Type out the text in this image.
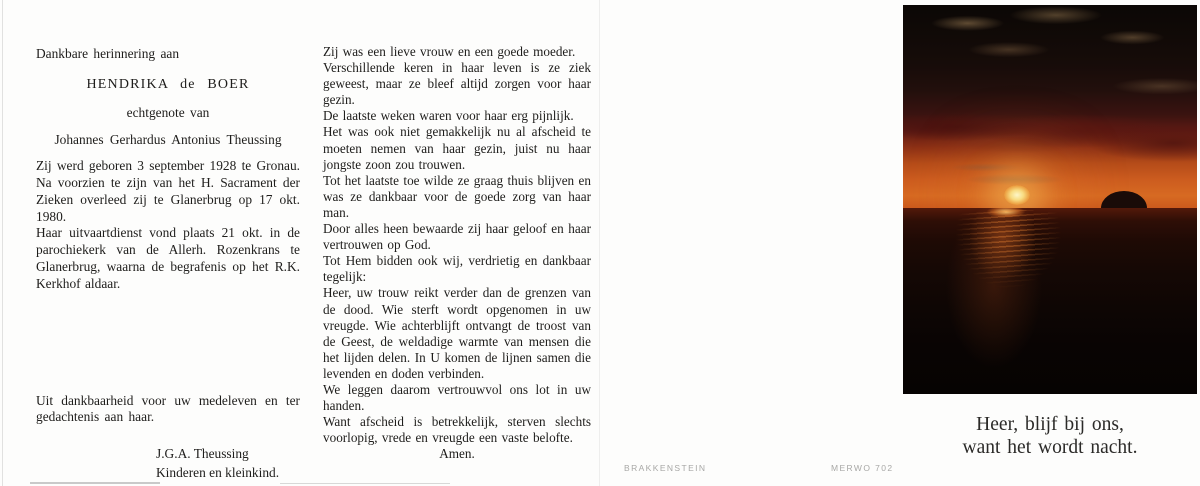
Dankbare herinnering aan

HENDRIKA de BOER

echtgenote van

Johannes Gerhardus Antonius Theussing

Zij werd geboren 3 september 1928 te Gronau. Na voorzien te zijn van het H. Sacrament der Zieken overleed zij te Glanerbrug op 17 okt. 1980.

Haar uitvaartdienst vond plaats 21 okt. in de parochiekerk van de Allerh. Rozenkrans te Glanerbrug, waarna de begrafenis op het R.K. Kerkhof aldaar.

Uit dankbaarheid voor uw medeleven en ter gedachtenis aan haar.

J.G.A. Theussing
Kinderen en kleinkind.

Zij was een lieve vrouw en een goede moeder.

Verschillende keren in haar leven is ze ziek geweest, maar ze bleef altijd zorgen voor haar gezin.

De laatste weken waren voor haar erg pijnlijk.

Het was ook niet gemakkelijk nu al afscheid te moeten nemen van haar gezin, juist nu haar jongste zoon zou trouwen.

Tot het laatste toe wilde ze graag thuis blijven en was ze dankbaar voor de goede zorg van haar man.

Door alles heen bewaarde zij haar geloof en haar vertrouwen op God.

Tot Hem bidden ook wij, verdrietig en dankbaar tegelijk:

Heer, uw trouw reikt verder dan de grenzen van de dood. Wie sterft wordt opgenomen in uw vreugde. Wie achterblijft ontvangt de troost van de Geest, de weldadige warmte van mensen die het lijden delen. In U komen de lijnen samen die levenden en doden verbinden.

We leggen daarom vertrouwvol ons lot in uw handen.

Want afscheid is betrekkelijk, sterven slechts voorlopig, vrede en vreugde een vaste belofte.

Amen.

BRAKKENSTEIN	MERWO 702
Heer, blijf bij ons,
want het wordt nacht.
